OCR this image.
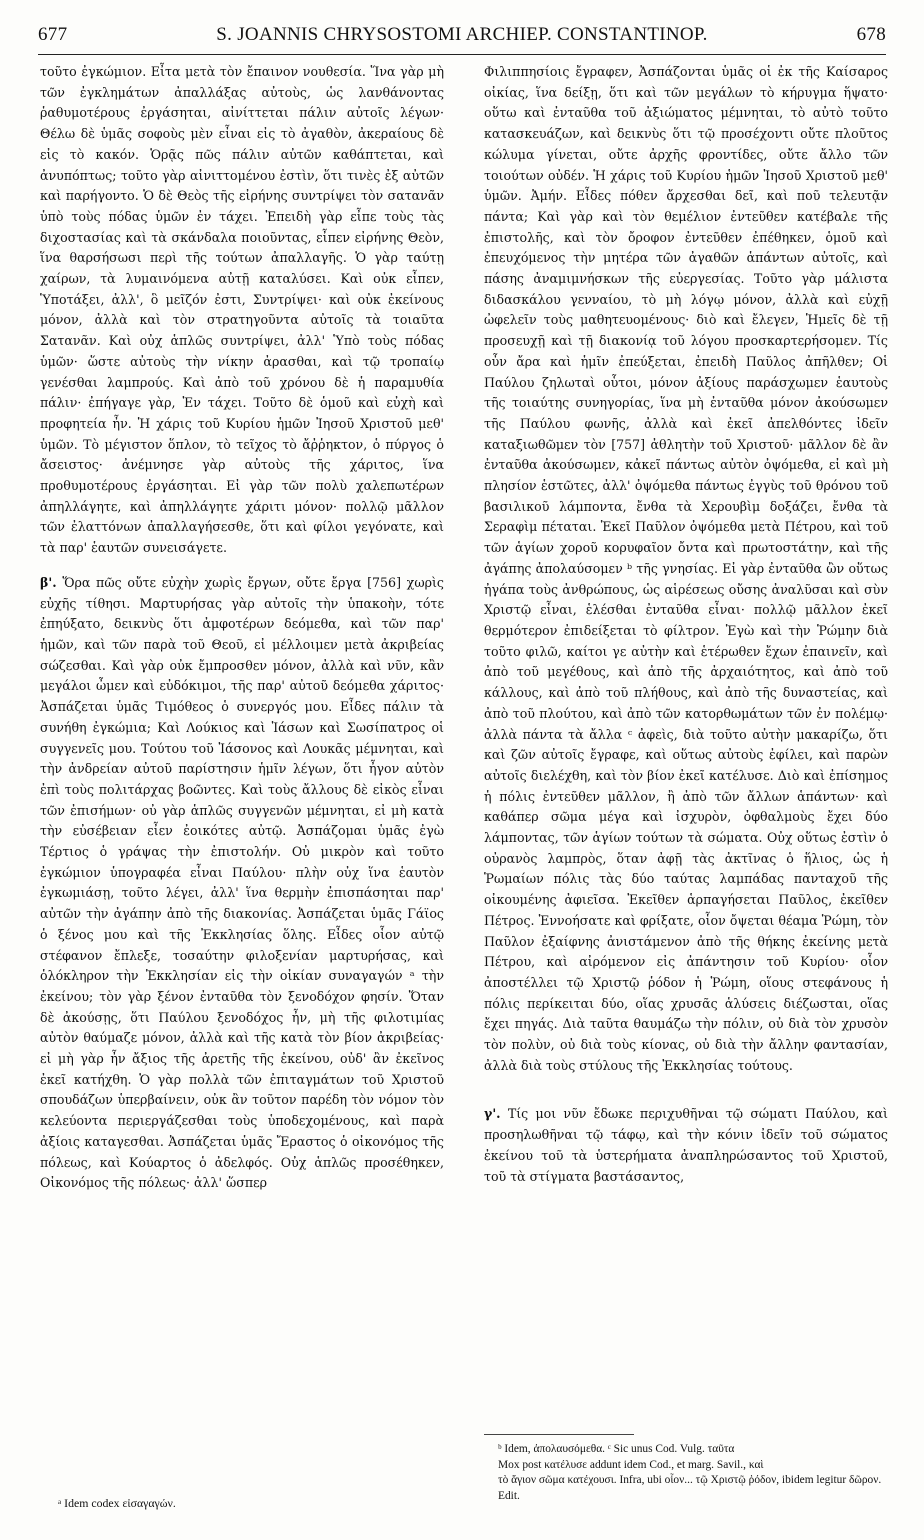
677	S. JOANNIS CHRYSOSTOMI ARCHIEP. CONSTANTINOP.	678

τοῦτο ἐγκώμιον. Εἶτα μετὰ τὸν ἔπαινον νουθεσία. Ἵνα γὰρ μὴ τῶν ἐγκλημάτων ἀπαλλάξας αὐτοὺς, ὡς λανθάνοντας ῥαθυμοτέρους ἐργάσηται, αἰνίττεται πάλιν αὐτοῖς λέγων· Θέλω δὲ ὑμᾶς σοφοὺς μὲν εἶναι εἰς τὸ ἀγαθὸν, ἀκεραίους δὲ εἰς τὸ κακόν. Ὁρᾷς πῶς πάλιν αὐτῶν καθάπτεται, καὶ ἀνυπόπτως; τοῦτο γὰρ αἰνιττομένου ἐστὶν, ὅτι τινὲς ἐξ αὐτῶν καὶ παρήγοντο. Ὁ δὲ Θεὸς τῆς εἰρήνης συντρίψει τὸν σατανᾶν ὑπὸ τοὺς πόδας ὑμῶν ἐν τάχει. Ἐπειδὴ γὰρ εἶπε τοὺς τὰς διχοστασίας καὶ τὰ σκάνδαλα ποιοῦντας, εἶπεν εἰρήνης Θεὸν, ἵνα θαρσήσωσι περὶ τῆς τούτων ἀπαλλαγῆς. Ὁ γὰρ ταύτῃ χαίρων, τὰ λυμαινόμενα αὐτῇ καταλύσει. Καὶ οὐκ εἶπεν, Ὑποτάξει, ἀλλ', ὃ μεῖζόν ἐστι, Συντρίψει· καὶ οὐκ ἐκείνους μόνον, ἀλλὰ καὶ τὸν στρατηγοῦντα αὐτοῖς τὰ τοιαῦτα Σατανᾶν. Καὶ οὐχ ἁπλῶς συντρίψει, ἀλλ' Ὑπὸ τοὺς πόδας ὑμῶν· ὥστε αὐτοὺς τὴν νίκην ἀρασθαι, καὶ τῷ τροπαίῳ γενέσθαι λαμπρούς. Καὶ ἀπὸ τοῦ χρόνου δὲ ἡ παραμυθία πάλιν· ἐπήγαγε γὰρ, Ἐν τάχει. Τοῦτο δὲ ὁμοῦ καὶ εὐχὴ καὶ προφητεία ἦν. Ἡ χάρις τοῦ Κυρίου ἡμῶν Ἰησοῦ Χριστοῦ μεθ' ὑμῶν. Τὸ μέγιστον ὅπλον, τὸ τεῖχος τὸ ἄῤῥηκτον, ὁ πύργος ὁ ἄσειστος· ἀνέμνησε γὰρ αὐτοὺς τῆς χάριτος, ἵνα προθυμοτέρους ἐργάσηται. Εἰ γὰρ τῶν πολὺ χαλεπωτέρων ἀπηλλάγητε, καὶ ἀπηλλάγητε χάριτι μόνον· πολλῷ μᾶλλον τῶν ἐλαττόνων ἀπαλλαγήσεσθε, ὅτι καὶ φίλοι γεγόνατε, καὶ τὰ παρ' ἑαυτῶν συνεισάγετε.

β'. Ὅρα πῶς οὔτε εὐχὴν χωρὶς ἔργων, οὔτε ἔργα [756] χωρὶς εὐχῆς τίθησι. Μαρτυρήσας γὰρ αὐτοῖς τὴν ὑπακοὴν, τότε ἐπηύξατο, δεικνὺς ὅτι ἀμφοτέρων δεόμεθα, καὶ τῶν παρ' ἡμῶν, καὶ τῶν παρὰ τοῦ Θεοῦ, εἰ μέλλοιμεν μετὰ ἀκριβείας σώζεσθαι. Καὶ γὰρ οὐκ ἔμπροσθεν μόνον, ἀλλὰ καὶ νῦν, κἂν μεγάλοι ὦμεν καὶ εὐδόκιμοι, τῆς παρ' αὐτοῦ δεόμεθα χάριτος· Ἀσπάζεται ὑμᾶς Τιμόθεος ὁ συνεργός μου. Εἶδες πάλιν τὰ συνήθη ἐγκώμια; Καὶ Λούκιος καὶ Ἰάσων καὶ Σωσίπατρος οἱ συγγενεῖς μου. Τούτου τοῦ Ἰάσονος καὶ Λουκᾶς μέμνηται, καὶ τὴν ἀνδρείαν αὐτοῦ παρίστησιν ἡμῖν λέγων, ὅτι ἦγον αὐτὸν ἐπὶ τοὺς πολιτάρχας βοῶντες. Καὶ τοὺς ἄλλους δὲ εἰκὸς εἶναι τῶν ἐπισήμων· οὐ γὰρ ἁπλῶς συγγενῶν μέμνηται, εἰ μὴ κατὰ τὴν εὐσέβειαν εἶεν ἐοικότες αὐτῷ. Ἀσπάζομαι ὑμᾶς ἐγὼ Τέρτιος ὁ γράψας τὴν ἐπιστολήν. Οὐ μικρὸν καὶ τοῦτο ἐγκώμιον ὑπογραφέα εἶναι Παύλου· πλὴν οὐχ ἵνα ἑαυτὸν ἐγκωμιάσῃ, τοῦτο λέγει, ἀλλ' ἵνα θερμὴν ἐπισπάσηται παρ' αὐτῶν τὴν ἀγάπην ἀπὸ τῆς διακονίας. Ἀσπάζεται ὑμᾶς Γάϊος ὁ ξένος μου καὶ τῆς Ἐκκλησίας ὅλης. Εἶδες οἷον αὐτῷ στέφανον ἔπλεξε, τοσαύτην φιλοξενίαν μαρτυρήσας, καὶ ὁλόκληρον τὴν Ἐκκλησίαν εἰς τὴν οἰκίαν συναγαγών ᵃ τὴν ἐκείνου; τὸν γὰρ ξένον ἐνταῦθα τὸν ξενοδόχον φησίν. Ὅταν δὲ ἀκούσῃς, ὅτι Παύλου ξενοδόχος ἦν, μὴ τῆς φιλοτιμίας αὐτὸν θαύμαζε μόνον, ἀλλὰ καὶ τῆς κατὰ τὸν βίον ἀκριβείας· εἰ μὴ γὰρ ἦν ἄξιος τῆς ἀρετῆς τῆς ἐκείνου, οὐδ' ἂν ἐκεῖνος ἐκεῖ κατήχθη. Ὁ γὰρ πολλὰ τῶν ἐπιταγμάτων τοῦ Χριστοῦ σπουδάζων ὑπερβαίνειν, οὐκ ἂν τοῦτον παρέδη τὸν νόμον τὸν κελεύοντα περιεργάζεσθαι τοὺς ὑποδεχομένους, καὶ παρὰ ἀξίοις καταγεσθαι. Ἀσπάζεται ὑμᾶς Ἔραστος ὁ οἰκονόμος τῆς πόλεως, καὶ Κούαρτος ὁ ἀδελφός. Οὐχ ἁπλῶς προσέθηκεν, Οἰκονόμος τῆς πόλεως· ἀλλ' ὥσπερ

Φιλιππησίοις ἔγραφεν, Ἀσπάζονται ὑμᾶς οἱ ἐκ τῆς Καίσαρος οἰκίας, ἵνα δείξῃ, ὅτι καὶ τῶν μεγάλων τὸ κήρυγμα ἥψατο· οὕτω καὶ ἐνταῦθα τοῦ ἀξιώματος μέμνηται, τὸ αὐτὸ τοῦτο κατασκευάζων, καὶ δεικνὺς ὅτι τῷ προσέχοντι οὔτε πλοῦτος κώλυμα γίνεται, οὔτε ἀρχῆς φροντίδες, οὔτε ἄλλο τῶν τοιούτων οὐδέν. Ἡ χάρις τοῦ Κυρίου ἡμῶν Ἰησοῦ Χριστοῦ μεθ' ὑμῶν. Ἀμήν. Εἶδες πόθεν ἄρχεσθαι δεῖ, καὶ ποῦ τελευτᾷν πάντα; Καὶ γὰρ καὶ τὸν θεμέλιον ἐντεῦθεν κατέβαλε τῆς ἐπιστολῆς, καὶ τὸν ὄροφον ἐντεῦθεν ἐπέθηκεν, ὁμοῦ καὶ ἐπευχόμενος τὴν μητέρα τῶν ἀγαθῶν ἁπάντων αὐτοῖς, καὶ πάσης ἀναμιμνήσκων τῆς εὐεργεσίας. Τοῦτο γὰρ μάλιστα διδασκάλου γενναίου, τὸ μὴ λόγῳ μόνον, ἀλλὰ καὶ εὐχῇ ὠφελεῖν τοὺς μαθητευομένους· διὸ καὶ ἔλεγεν, Ἡμεῖς δὲ τῇ προσευχῇ καὶ τῇ διακονίᾳ τοῦ λόγου προσκαρτερήσομεν. Τίς οὖν ἄρα καὶ ἡμῖν ἐπεύξεται, ἐπειδὴ Παῦλος ἀπῆλθεν; Οἱ Παύλου ζηλωταὶ οὗτοι, μόνον ἀξίους παράσχωμεν ἑαυτοὺς τῆς τοιαύτης συνηγορίας, ἵνα μὴ ἐνταῦθα μόνον ἀκούσωμεν τῆς Παύλου φωνῆς, ἀλλὰ καὶ ἐκεῖ ἀπελθόντες ἰδεῖν καταξιωθῶμεν τὸν [757] ἀθλητὴν τοῦ Χριστοῦ· μᾶλλον δὲ ἂν ἐνταῦθα ἀκούσωμεν, κἀκεῖ πάντως αὐτὸν ὀψόμεθα, εἰ καὶ μὴ πλησίον ἑστῶτες, ἀλλ' ὀψόμεθα πάντως ἐγγὺς τοῦ θρόνου τοῦ βασιλικοῦ λάμποντα, ἔνθα τὰ Χερουβὶμ δοξάζει, ἔνθα τὰ Σεραφὶμ πέταται. Ἐκεῖ Παῦλον ὀψόμεθα μετὰ Πέτρου, καὶ τοῦ τῶν ἁγίων χοροῦ κορυφαῖον ὄντα καὶ πρωτοστάτην, καὶ τῆς ἀγάπης ἀπολαύσομεν ᵇ τῆς γνησίας. Εἰ γὰρ ἐνταῦθα ὢν οὕτως ἠγάπα τοὺς ἀνθρώπους, ὡς αἱρέσεως οὔσης ἀναλῦσαι καὶ σὺν Χριστῷ εἶναι, ἑλέσθαι ἐνταῦθα εἶναι· πολλῷ μᾶλλον ἐκεῖ θερμότερον ἐπιδείξεται τὸ φίλτρον. Ἐγὼ καὶ τὴν Ῥώμην διὰ τοῦτο φιλῶ, καίτοι γε αὐτὴν καὶ ἑτέρωθεν ἔχων ἐπαινεῖν, καὶ ἀπὸ τοῦ μεγέθους, καὶ ἀπὸ τῆς ἀρχαιότητος, καὶ ἀπὸ τοῦ κάλλους, καὶ ἀπὸ τοῦ πλήθους, καὶ ἀπὸ τῆς δυναστείας, καὶ ἀπὸ τοῦ πλούτου, καὶ ἀπὸ τῶν κατορθωμάτων τῶν ἐν πολέμῳ· ἀλλὰ πάντα τὰ ἄλλα ᶜ ἀφεὶς, διὰ τοῦτο αὐτὴν μακαρίζω, ὅτι καὶ ζῶν αὐτοῖς ἔγραφε, καὶ οὕτως αὐτοὺς ἐφίλει, καὶ παρὼν αὐτοῖς διελέχθη, καὶ τὸν βίον ἐκεῖ κατέλυσε. Διὸ καὶ ἐπίσημος ἡ πόλις ἐντεῦθεν μᾶλλον, ἢ ἀπὸ τῶν ἄλλων ἁπάντων· καὶ καθάπερ σῶμα μέγα καὶ ἰσχυρὸν, ὀφθαλμοὺς ἔχει δύο λάμποντας, τῶν ἁγίων τούτων τὰ σώματα. Οὐχ οὕτως ἐστὶν ὁ οὐρανὸς λαμπρὸς, ὅταν ἀφῇ τὰς ἀκτῖνας ὁ ἥλιος, ὡς ἡ Ῥωμαίων πόλις τὰς δύο ταύτας λαμπάδας πανταχοῦ τῆς οἰκουμένης ἀφιεῖσα. Ἐκεῖθεν ἁρπαγήσεται Παῦλος, ἐκεῖθεν Πέτρος. Ἐννοήσατε καὶ φρίξατε, οἷον ὄψεται θέαμα Ῥώμη, τὸν Παῦλον ἐξαίφνης ἀνιστάμενον ἀπὸ τῆς θήκης ἐκείνης μετὰ Πέτρου, καὶ αἰρόμενον εἰς ἀπάντησιν τοῦ Κυρίου· οἷον ἀποστέλλει τῷ Χριστῷ ῥόδον ἡ Ῥώμη, οἵους στεφάνους ἡ πόλις περίκειται δύο, οἵας χρυσᾶς ἁλύσεις διέζωσται, οἵας ἔχει πηγάς. Διὰ ταῦτα θαυμάζω τὴν πόλιν, οὐ διὰ τὸν χρυσὸν τὸν πολὺν, οὐ διὰ τοὺς κίονας, οὐ διὰ τὴν ἄλλην φαντασίαν, ἀλλὰ διὰ τοὺς στύλους τῆς Ἐκκλησίας τούτους.

γ'. Τίς μοι νῦν ἔδωκε περιχυθῆναι τῷ σώματι Παύλου, καὶ προσηλωθῆναι τῷ τάφῳ, καὶ τὴν κόνιν ἰδεῖν τοῦ σώματος ἐκείνου τοῦ τὰ ὑστερήματα ἀναπληρώσαντος τοῦ Χριστοῦ, τοῦ τὰ στίγματα βαστάσαντος,

ᵇ Idem, ἀπολαυσόμεθα. ᶜ Sic unus Cod. Vulg. ταῦτα
Mox post κατέλυσε addunt idem Cod., et marg. Savil., καὶ
τὸ ἅγιον σῶμα κατέχουσι. Infra, ubi οἷον... τῷ Χριστῷ ῥόδον, ibidem legitur δῶρον. Edit.
ᵃ Idem codex εἰσαγαγών.
